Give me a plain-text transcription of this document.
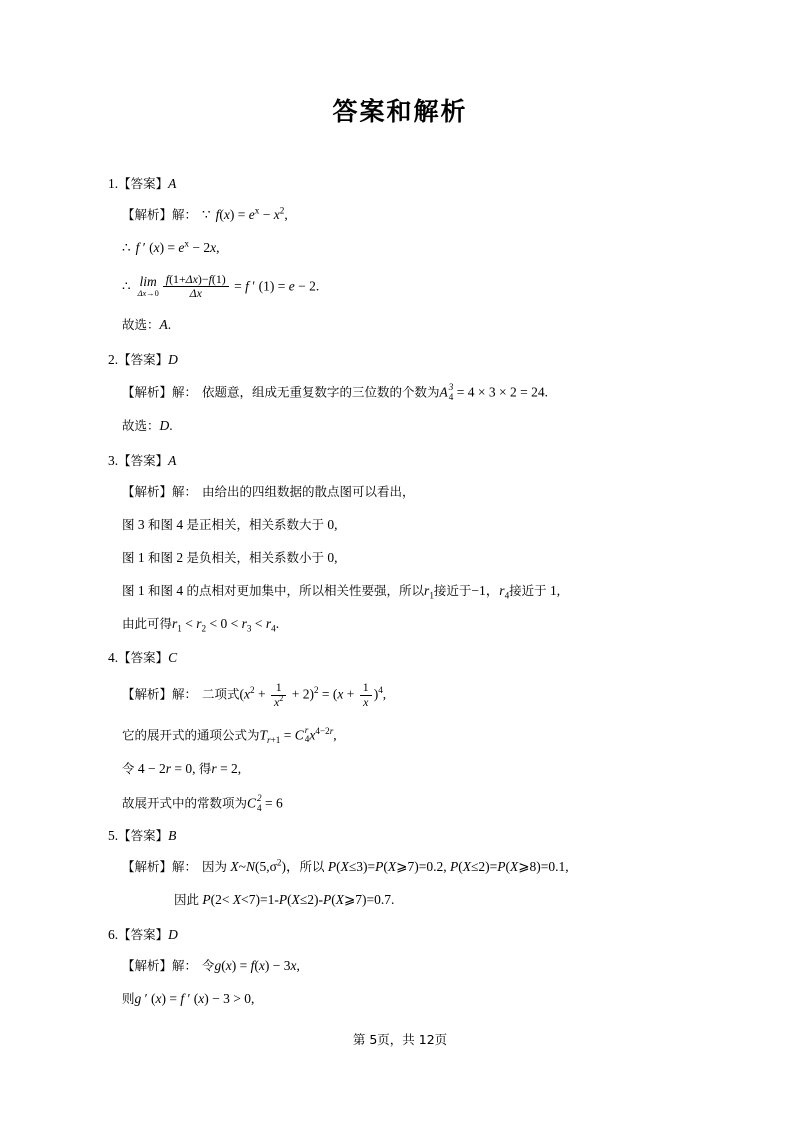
答案和解析
1.【答案】A
【解析】解： ∵ $f(x) = e^x - x^2$,
∴ f ′ $(x) = e^x - 2x$,
∴ lim
$\Delta x\to 0 \frac{f(1+\Delta x)-f(1)}{\Delta x} = f$ ′ (1) = e − 2.
故选：A.
2.【答案】D
【解析】解： 依题意，组成无重复数字的三位数的个数为A 3
4 = 4 × 3 × 2 = 24.
故选：D.
3.【答案】A
【解析】解： 由给出的四组数据的散点图可以看出，
图 3 和图 4 是正相关，相关系数大于 0,
图 1 和图 2 是负相关，相关系数小于 0,
图 1 和图 4 的点相对更加集中，所以相关性要强，所以$r_1$接近于−1，$r_4$接近于 1,
由此可得$r_1 < r_2 < 0 < r_3 < r_4$.
4.【答案】C
【解析】解： 二项式$(x^2 + \frac{1}{x^2} + 2)^2 = (x + \frac{1}{x} )^4$,
它的展开式的通项公式为$T_{r+1} = C$ r
4 $x^{4-2r}$,
令 4 − 2r = 0, 得r = 2,
故展开式中的常数项为C 2
4 = 6
5.【答案】B
【解析】解： 因为 $X\sim N(5,\sigma^2)$，所以 P(X≤3)=P(X⩾7)=0.2, P(X≤2)=P(X⩾8)=0.1,
因此 P(2< X<7)=1-P(X≤2)-P(X⩾7)=0.7.
6.【答案】D
【解析】解： 令g(x) = f(x) − 3x,
则g ′ (x) = f ′ (x) − 3 > 0,
第 5页，共 12页
